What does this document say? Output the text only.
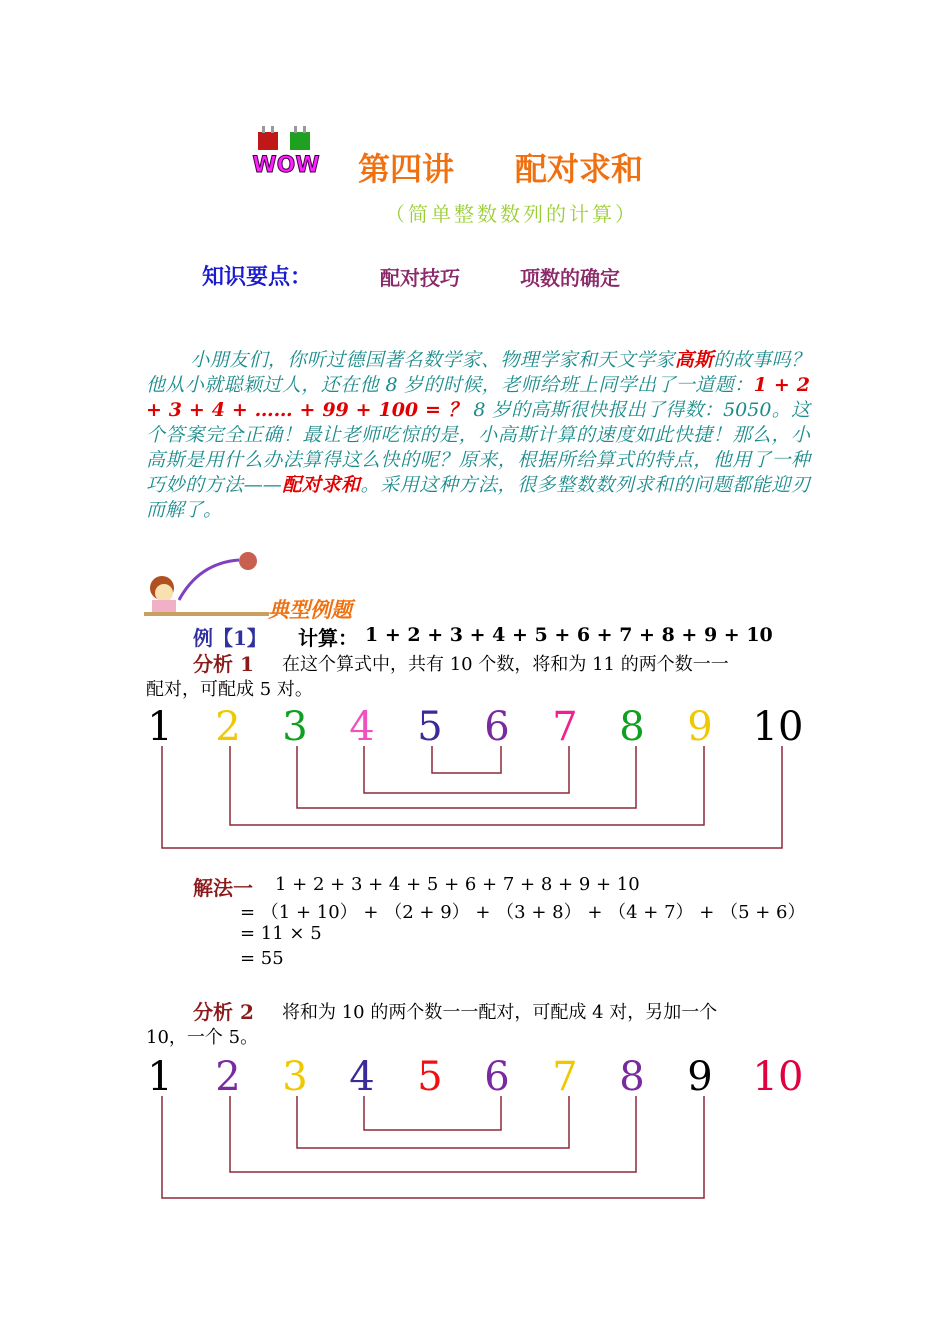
WOW 第四讲 配对求和
（简单整数数列的计算）
知识要点：	配对技巧	项数的确定
小朋友们，你听过德国著名数学家、物理学家和天文学家高斯的故事吗？他从小就聪颖过人，还在他 8 岁的时候，老师给班上同学出了一道题：1 + 2 + 3 + 4 + …… + 99 + 100 = ？ 8 岁的高斯很快报出了得数：5050。这个答案完全正确！最让老师吃惊的是，小高斯计算的速度如此快捷！那么，小高斯是用什么办法算得这么快的呢？原来，根据所给算式的特点，他用了一种巧妙的方法——配对求和。采用这种方法，很多整数数列求和的问题都能迎刃而解了。
典型例题
例【1】 计算： 1 + 2 + 3 + 4 + 5 + 6 + 7 + 8 + 9 + 10
分析 1 在这个算式中，共有 10 个数，将和为 11 的两个数一一
配对，可配成 5 对。
1 2 3 4 5 6 7 8 9 10
解法一 1 + 2 + 3 + 4 + 5 + 6 + 7 + 8 + 9 + 10
= （1 + 10） + （2 + 9） + （3 + 8） + （4 + 7） + （5 + 6）
= 11 × 5
= 55
分析 2 将和为 10 的两个数一一配对，可配成 4 对，另加一个
10，一个 5。
1 2 3 4 5 6 7 8 9 10
